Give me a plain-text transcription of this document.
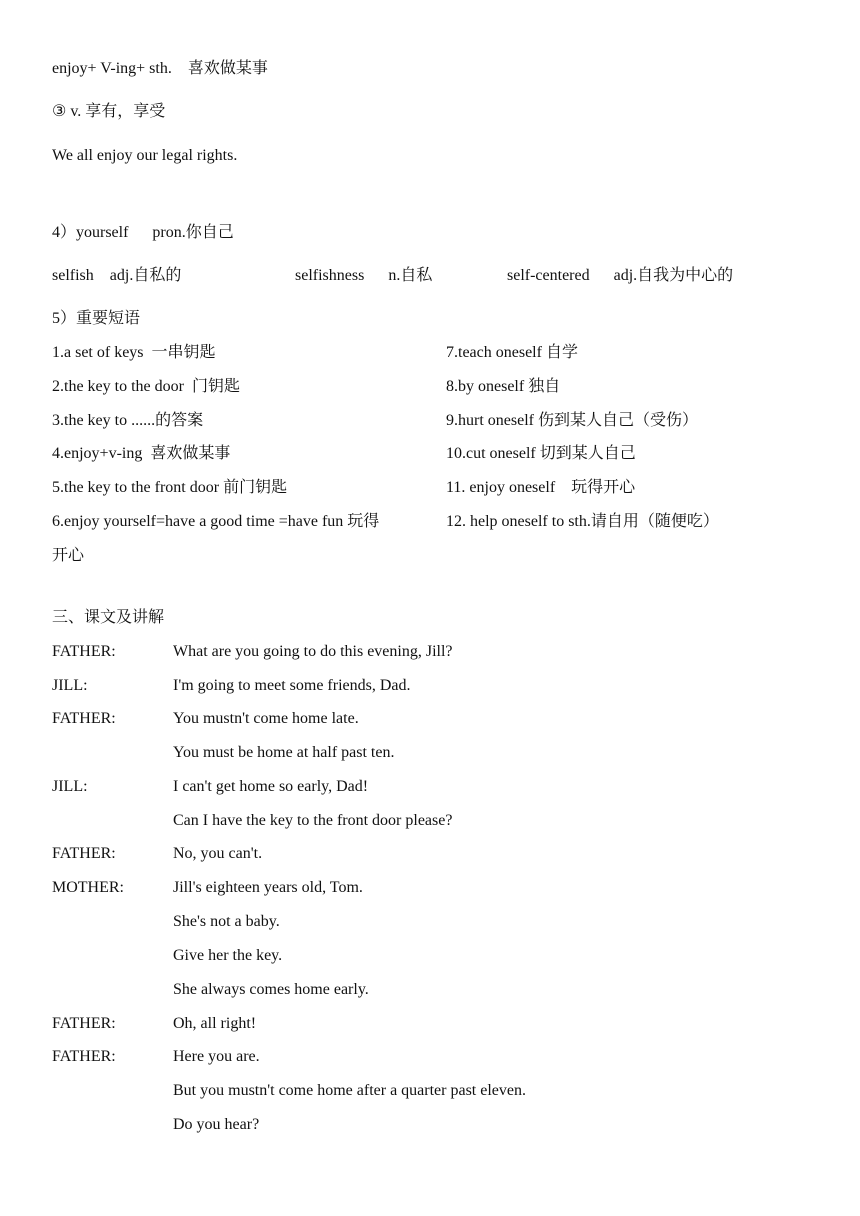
enjoy+ V-ing+ sth.    喜欢做某事
③ v. 享有，享受
We all enjoy our legal rights.
4）yourself      pron.你自己
selfish    adj.自私的	selfishness      n.自私	self-centered      adj.自我为中心的
5）重要短语
1.a set of keys  一串钥匙	7.teach oneself 自学
2.the key to the door  门钥匙	8.by oneself 独自
3.the key to ......的答案	9.hurt oneself 伤到某人自己（受伤）
4.enjoy+v-ing  喜欢做某事	10.cut oneself 切到某人自己
5.the key to the front door 前门钥匙	11. enjoy oneself    玩得开心
6.enjoy yourself=have a good time =have fun 玩得	12. help oneself to sth.请自用（随便吃）
开心
三、课文及讲解
FATHER:	What are you going to do this evening, Jill?
JILL:	I'm going to meet some friends, Dad.
FATHER:	You mustn't come home late.
You must be home at half past ten.
JILL:	I can't get home so early, Dad!
Can I have the key to the front door please?
FATHER:	No, you can't.
MOTHER:	Jill's eighteen years old, Tom.
She's not a baby.
Give her the key.
She always comes home early.
FATHER:	Oh, all right!
FATHER:	Here you are.
But you mustn't come home after a quarter past eleven.
Do you hear?
